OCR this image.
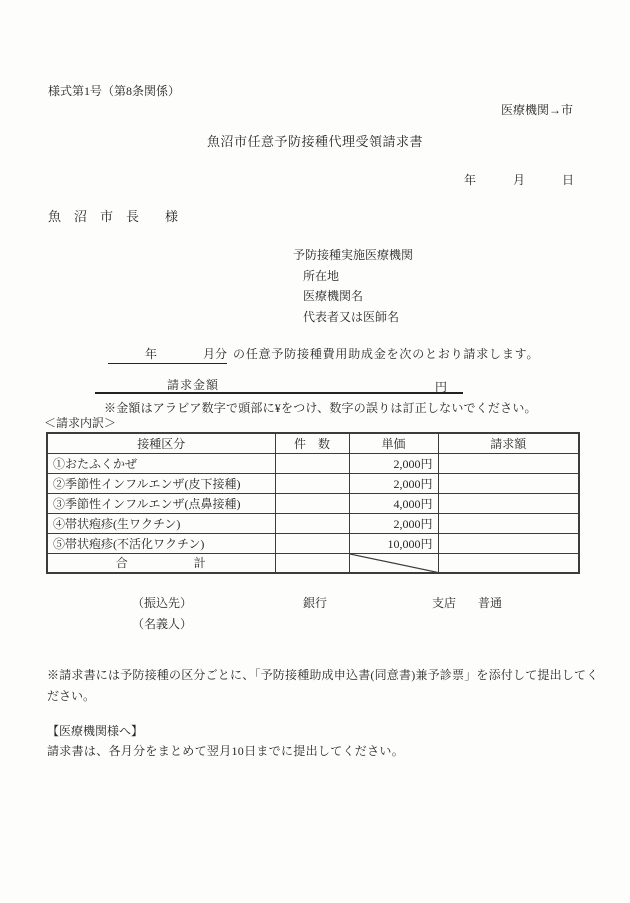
様式第1号（第8条関係）
医療機関→市
魚沼市任意予防接種代理受領請求書
年	月	日
魚　沼　市　長　　様
予防接種実施医療機関
所在地
医療機関名
代表者又は医師名
年	月分 の任意予防接種費用助成金を次のとおり請求します。
請求金額	円
※金額はアラビア数字で頭部に¥をつけ、数字の誤りは訂正しないでください。
＜請求内訳＞
接種区分	件　数	単価	請求額
①おたふくかぜ		2,000円	
②季節性インフルエンザ(皮下接種)		2,000円	
③季節性インフルエンザ(点鼻接種)		4,000円	
④帯状疱疹(生ワクチン)		2,000円	
⑤帯状疱疹(不活化ワクチン)		10,000円	
合　　　　　計		

（振込先）	銀行	支店 普通
（名義人）
※請求書には予防接種の区分ごとに、「予防接種助成申込書(同意書)兼予診票」を添付して提出してく
ださい。
【医療機関様へ】
請求書は、各月分をまとめて翌月10日までに提出してください。
